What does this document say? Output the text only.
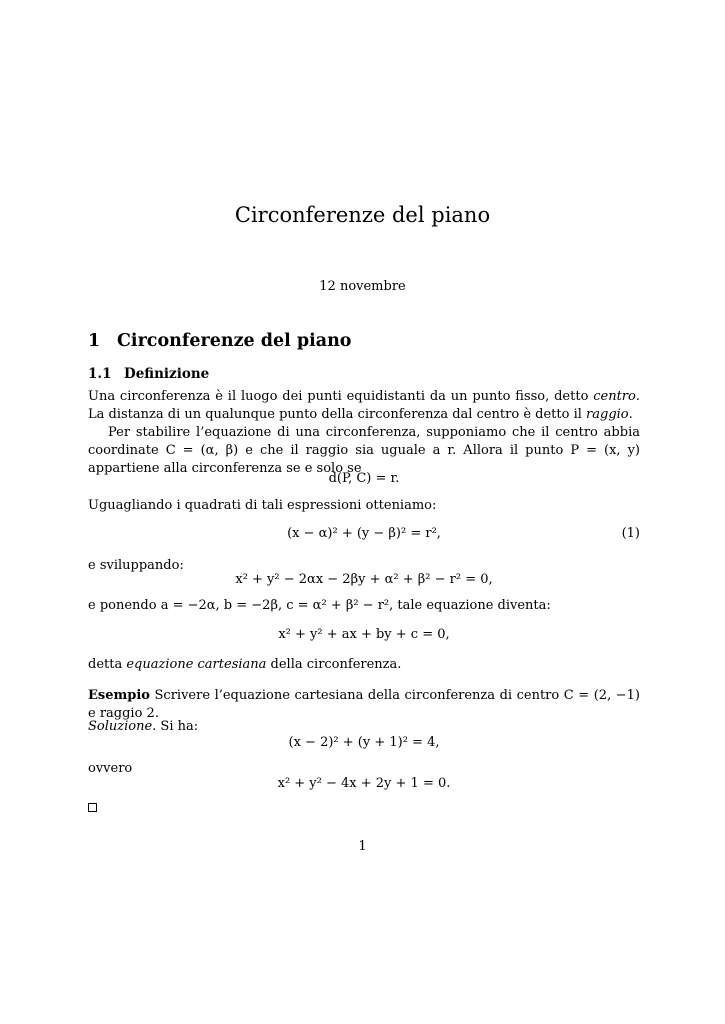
Circonferenze del piano
12 novembre
1 Circonferenze del piano
1.1 Definizione
Una circonferenza è il luogo dei punti equidistanti da un punto fisso, detto centro. La distanza di un qualunque punto della circonferenza dal centro è detto il raggio.
Per stabilire l’equazione di una circonferenza, supponiamo che il centro abbia coordinate C = (α, β) e che il raggio sia uguale a r. Allora il punto P = (x, y) appartiene alla circonferenza se e solo se
d(P, C) = r.
Uguagliando i quadrati di tali espressioni otteniamo:
(x − α)² + (y − β)² = r²,	(1)
e sviluppando:
x² + y² − 2αx − 2βy + α² + β² − r² = 0,
e ponendo a = −2α, b = −2β, c = α² + β² − r², tale equazione diventa:
x² + y² + ax + by + c = 0,
detta equazione cartesiana della circonferenza.
Esempio Scrivere l’equazione cartesiana della circonferenza di centro C = (2, −1) e raggio 2.
Soluzione. Si ha:
(x − 2)² + (y + 1)² = 4,
ovvero
x² + y² − 4x + 2y + 1 = 0.
1
